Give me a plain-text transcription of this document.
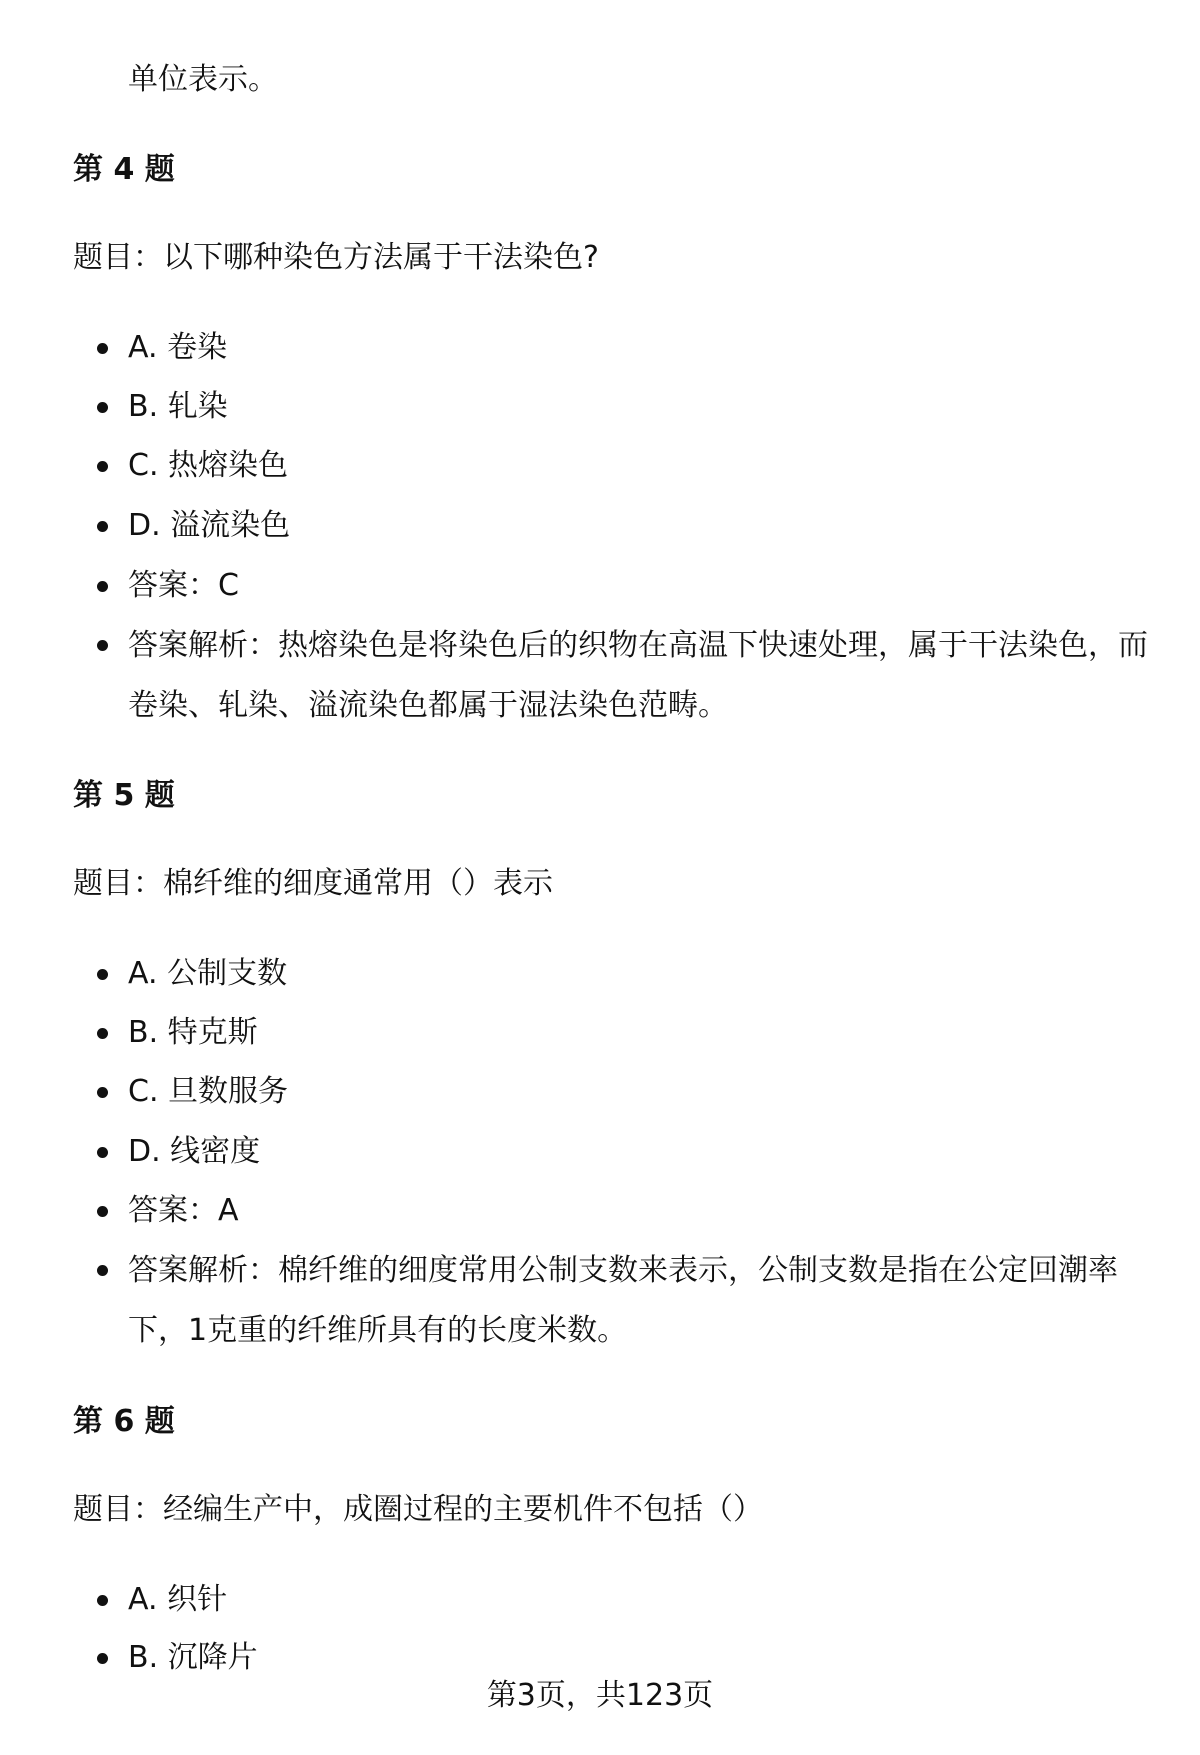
单位表示。
第 4 题
题目：以下哪种染色方法属于干法染色?
A. 卷染
B. 轧染
C. 热熔染色
D. 溢流染色
答案：C
答案解析：热熔染色是将染色后的织物在高温下快速处理，属于干法染色，而卷染、轧染、溢流染色都属于湿法染色范畴。
第 5 题
题目：棉纤维的细度通常用（）表示
A. 公制支数
B. 特克斯
C. 旦数服务
D. 线密度
答案：A
答案解析：棉纤维的细度常用公制支数来表示，公制支数是指在公定回潮率下，1克重的纤维所具有的长度米数。
第 6 题
题目：经编生产中，成圈过程的主要机件不包括（）
A. 织针
B. 沉降片
第3页，共123页
